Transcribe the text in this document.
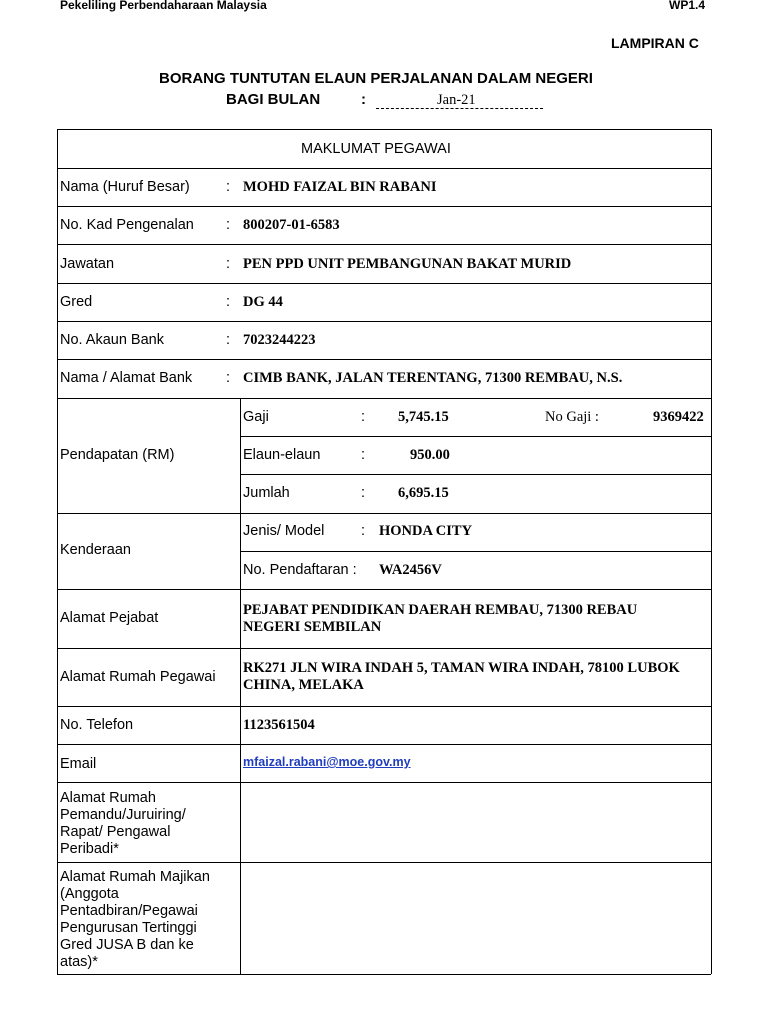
Pekeliling Perbendaharaan Malaysia	WP1.4
LAMPIRAN C
BORANG TUNTUTAN ELAUN PERJALANAN DALAM NEGERI
BAGI BULAN	:	Jan-21
MAKLUMAT PEGAWAI
Nama (Huruf Besar)	: MOHD FAIZAL BIN RABANI
No. Kad Pengenalan : 800207-01-6583
Jawatan	: PEN PPD UNIT PEMBANGUNAN BAKAT MURID
Gred	: DG 44
No. Akaun Bank	: 7023244223
Nama / Alamat Bank : CIMB BANK, JALAN TERENTANG, 71300 REMBAU, N.S.
Pendapatan (RM)
Gaji	: 5,745.15	No Gaji :	9369422
Elaun-elaun	:	950.00
Jumlah	: 6,695.15
Kenderaan
Jenis/ Model	: HONDA CITY
No. Pendaftaran : WA2456V
Alamat Pejabat	PEJABAT PENDIDIKAN DAERAH REMBAU, 71300 REBAU NEGERI SEMBILAN
Alamat Rumah Pegawai
RK271 JLN WIRA INDAH 5, TAMAN WIRA INDAH, 78100 LUBOK CHINA, MELAKA
No. Telefon	1123561504
Email	mfaizal.rabani@moe.gov.my
Alamat Rumah Pemandu/Juruiring/ Rapat/ Pengawal Peribadi*
Alamat Rumah Majikan (Anggota Pentadbiran/Pegawai Pengurusan Tertinggi Gred JUSA B dan ke atas)*
